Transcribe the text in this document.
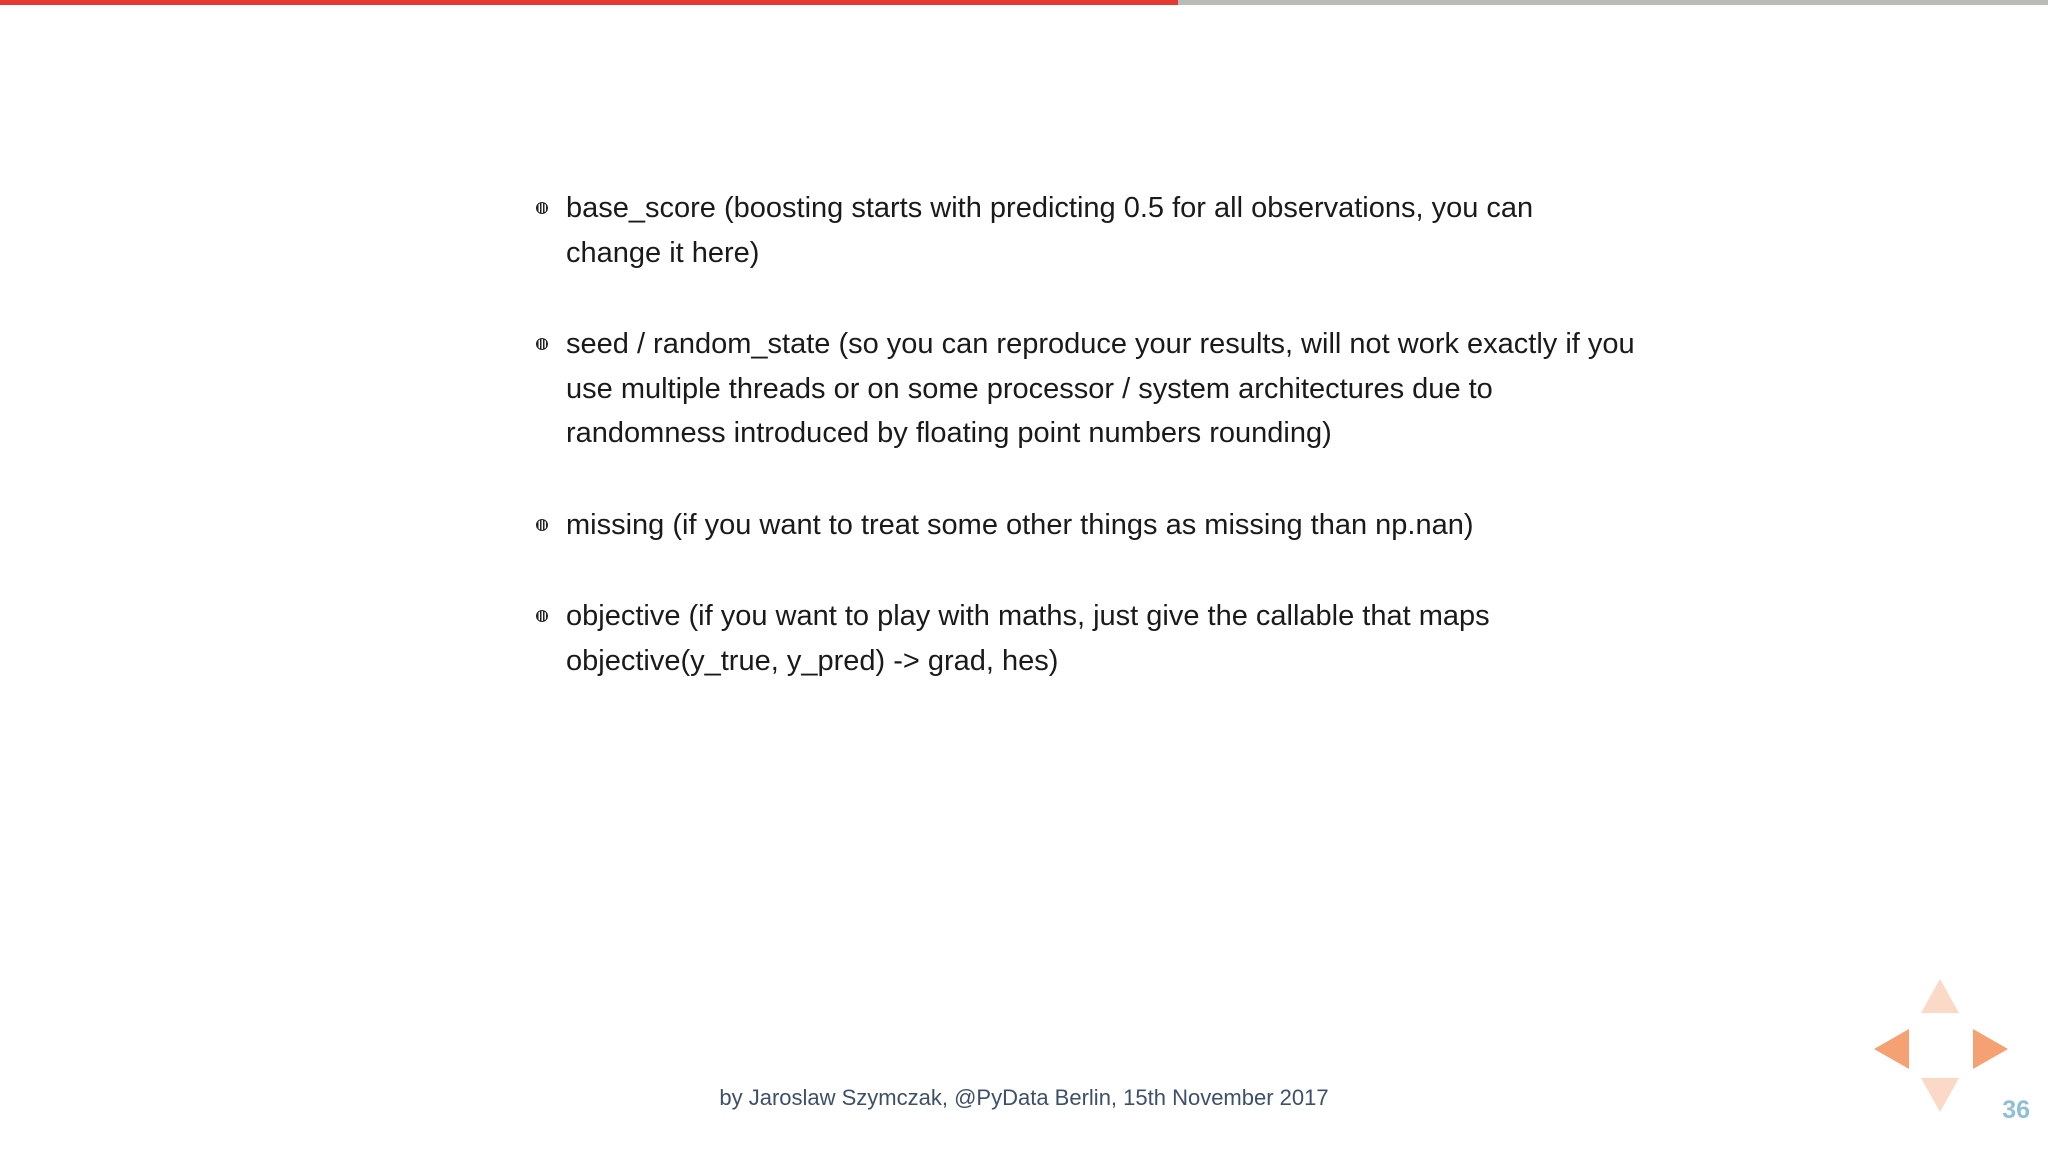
base_score (boosting starts with predicting 0.5 for all observations, you can change it here)
seed / random_state (so you can reproduce your results, will not work exactly if you use multiple threads or on some processor / system architectures due to randomness introduced by floating point numbers rounding)
missing (if you want to treat some other things as missing than np.nan)
objective (if you want to play with maths, just give the callable that maps objective(y_true, y_pred) -> grad, hes)
by Jaroslaw Szymczak, @PyData Berlin, 15th November 2017	36
